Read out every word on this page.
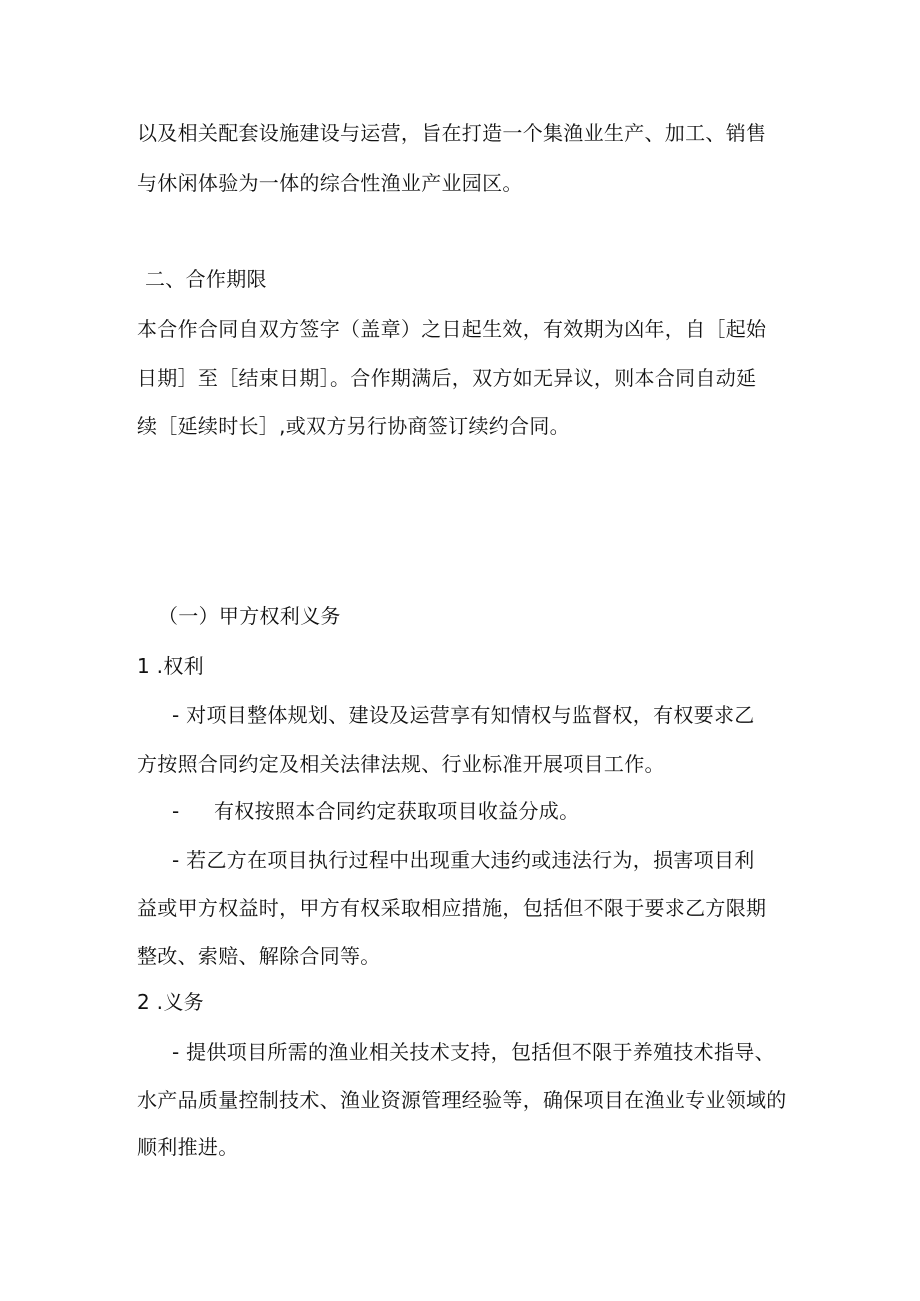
以及相关配套设施建设与运营，旨在打造一个集渔业生产、加工、销售
与休闲体验为一体的综合性渔业产业园区。
二、合作期限
本合作合同自双方签字（盖章）之日起生效，有效期为凶年，自［起始
日期］至［结束日期］。合作期满后，双方如无异议，则本合同自动延
续［延续时长］,或双方另行协商签订续约合同。
（一）甲方权利义务
1 .权利
- 对项目整体规划、建设及运营享有知情权与监督权，有权要求乙
方按照合同约定及相关法律法规、行业标准开展项目工作。
- 有权按照本合同约定获取项目收益分成。
- 若乙方在项目执行过程中出现重大违约或违法行为，损害项目利
益或甲方权益时，甲方有权采取相应措施，包括但不限于要求乙方限期
整改、索赔、解除合同等。
2 .义务
- 提供项目所需的渔业相关技术支持，包括但不限于养殖技术指导、
水产品质量控制技术、渔业资源管理经验等，确保项目在渔业专业领域的
顺利推进。
